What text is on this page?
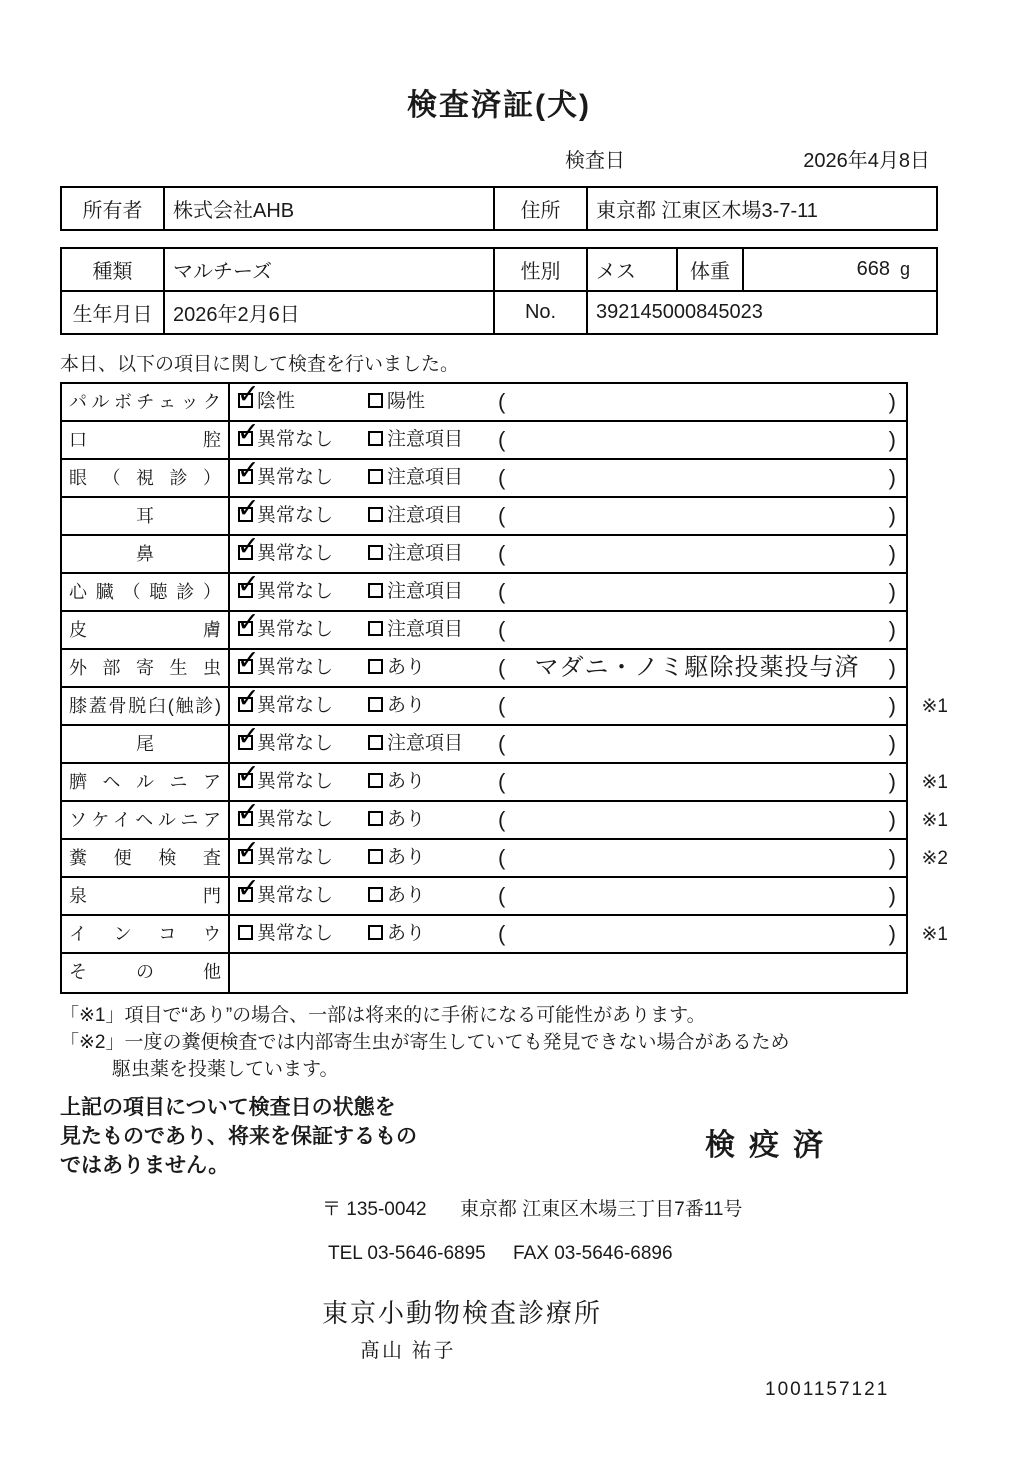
検査済証(犬)
検査日	2026年4月8日
所有者	株式会社AHB	住所	東京都 江東区木場3-7-11
種類	マルチーズ	性別	メス	体重	668 g
生年月日	2026年2月6日	No.	392145000845023
本日、以下の項目に関して検査を行いました。
パルボチェック ✓	陰性	陽性	(	)
口腔 ✓	異常なし	注意項目 (	)
眼（視診） ✓	異常なし	注意項目 (	)
耳 ✓	異常なし	注意項目 (	)
鼻 ✓	異常なし	注意項目 (	)
心臓（聴診） ✓	異常なし	注意項目 (	)
皮膚 ✓	異常なし	注意項目 (	)
外部寄生虫 ✓	異常なし	あり	(	マダニ・ノミ駆除投薬投与済	)
膝蓋骨脱臼(触診) ✓	異常なし	あり	(	) ※1
尾 ✓	異常なし	注意項目 (	)
臍ヘルニア ✓	異常なし	あり	(	) ※1
ソケイヘルニア ✓	異常なし	あり	(	) ※1
糞便検査 ✓	異常なし	あり	(	) ※2
泉門 ✓	異常なし	あり	(	)
インコウ	異常なし	あり	(	) ※1
その他
「※1」項目で“あり”の場合、一部は将来的に手術になる可能性があります。
「※2」一度の糞便検査では内部寄生虫が寄生していても発見できない場合があるため
駆虫薬を投薬しています。
上記の項目について検査日の状態を
見たものであり、将来を保証するもの
ではありません。
検疫済
〒 135-0042 東京都 江東区木場三丁目7番11号
TEL 03-5646-6895 FAX 03-5646-6896
東京小動物検査診療所
髙山 祐子
1001157121
